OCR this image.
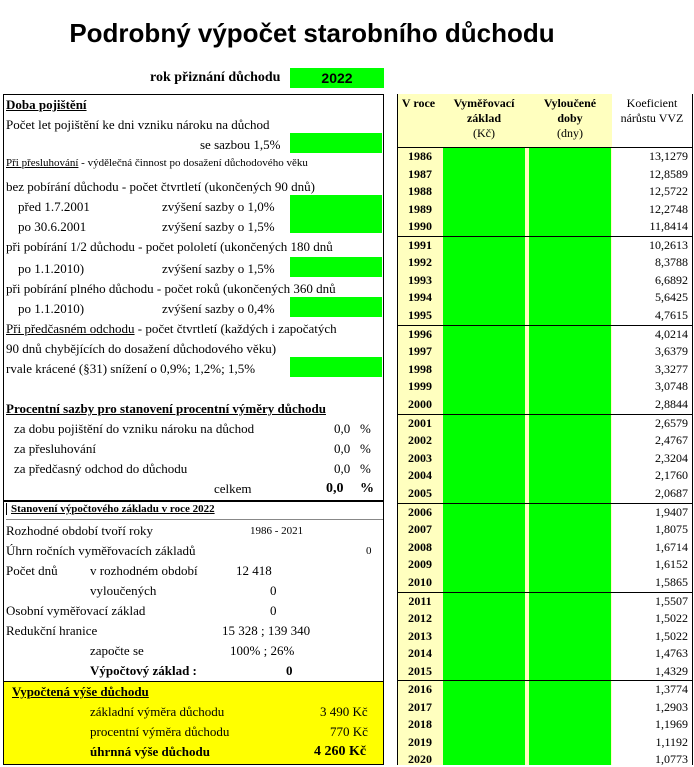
Podrobný výpočet starobního důchodu
rok přiznání důchodu	2022
Doba pojištění
Počet let pojištění ke dni vzniku nároku na důchod
se sazbou 1,5%
Při přesluhování - výdělečná činnost po dosažení důchodového věku
bez pobírání důchodu - počet čtvrtletí (ukončených 90 dnů)
před 1.7.2001	zvýšení sazby o 1,0%
po 30.6.2001	zvýšení sazby o 1,5%
při pobírání 1/2 důchodu - počet pololetí (ukončených 180 dnů
po 1.1.2010)	zvýšení sazby o 1,5%
při pobírání plného důchodu - počet roků (ukončených 360 dnů
po 1.1.2010)	zvýšení sazby o 0,4%
Při předčasném odchodu - počet čtvrtletí (každých i započatých
90 dnů chybějících do dosažení důchodového věku)
rvale krácené (§31) snížení o 0,9%; 1,2%; 1,5%
Procentní sazby pro stanovení procentní výměry důchodu
za dobu pojištění do vzniku nároku na důchod	0,0 %
za přesluhování	0,0 %
za předčasný odchod do důchodu	0,0 %
celkem	0,0 %
Stanovení výpočtového základu v roce 2022
Rozhodné období tvoří roky	1986 - 2021
Úhrn ročních vyměřovacích základů	0
Počet dnů v rozhodném období	12 418
vyloučených	0
Osobní vyměřovací základ	0
Redukční hranice	15 328 ; 139 340
započte se	100% ; 26%
Výpočtový základ :	0
Vypočtená výše důchodu
základní výměra důchodu	3 490 Kč
procentní výměra důchodu	770 Kč
úhrnná výše důchodu	4 260 Kč
V roce	Vyměřovací základ
(Kč)
Vyloučené doby
(dny)
Koeficient nárůstu VVZ
1986	13,1279
1987	12,8589
1988	12,5722
1989	12,2748
1990	11,8414
1991	10,2613
1992	8,3788
1993	6,6892
1994	5,6425
1995	4,7615
1996	4,0214
1997	3,6379
1998	3,3277
1999	3,0748
2000	2,8844
2001	2,6579
2002	2,4767
2003	2,3204
2004	2,1760
2005	2,0687
2006	1,9407
2007	1,8075
2008	1,6714
2009	1,6152
2010	1,5865
2011	1,5507
2012	1,5022
2013	1,5022
2014	1,4763
2015	1,4329
2016	1,3774
2017	1,2903
2018	1,1969
2019	1,1192
2020	1,0773
